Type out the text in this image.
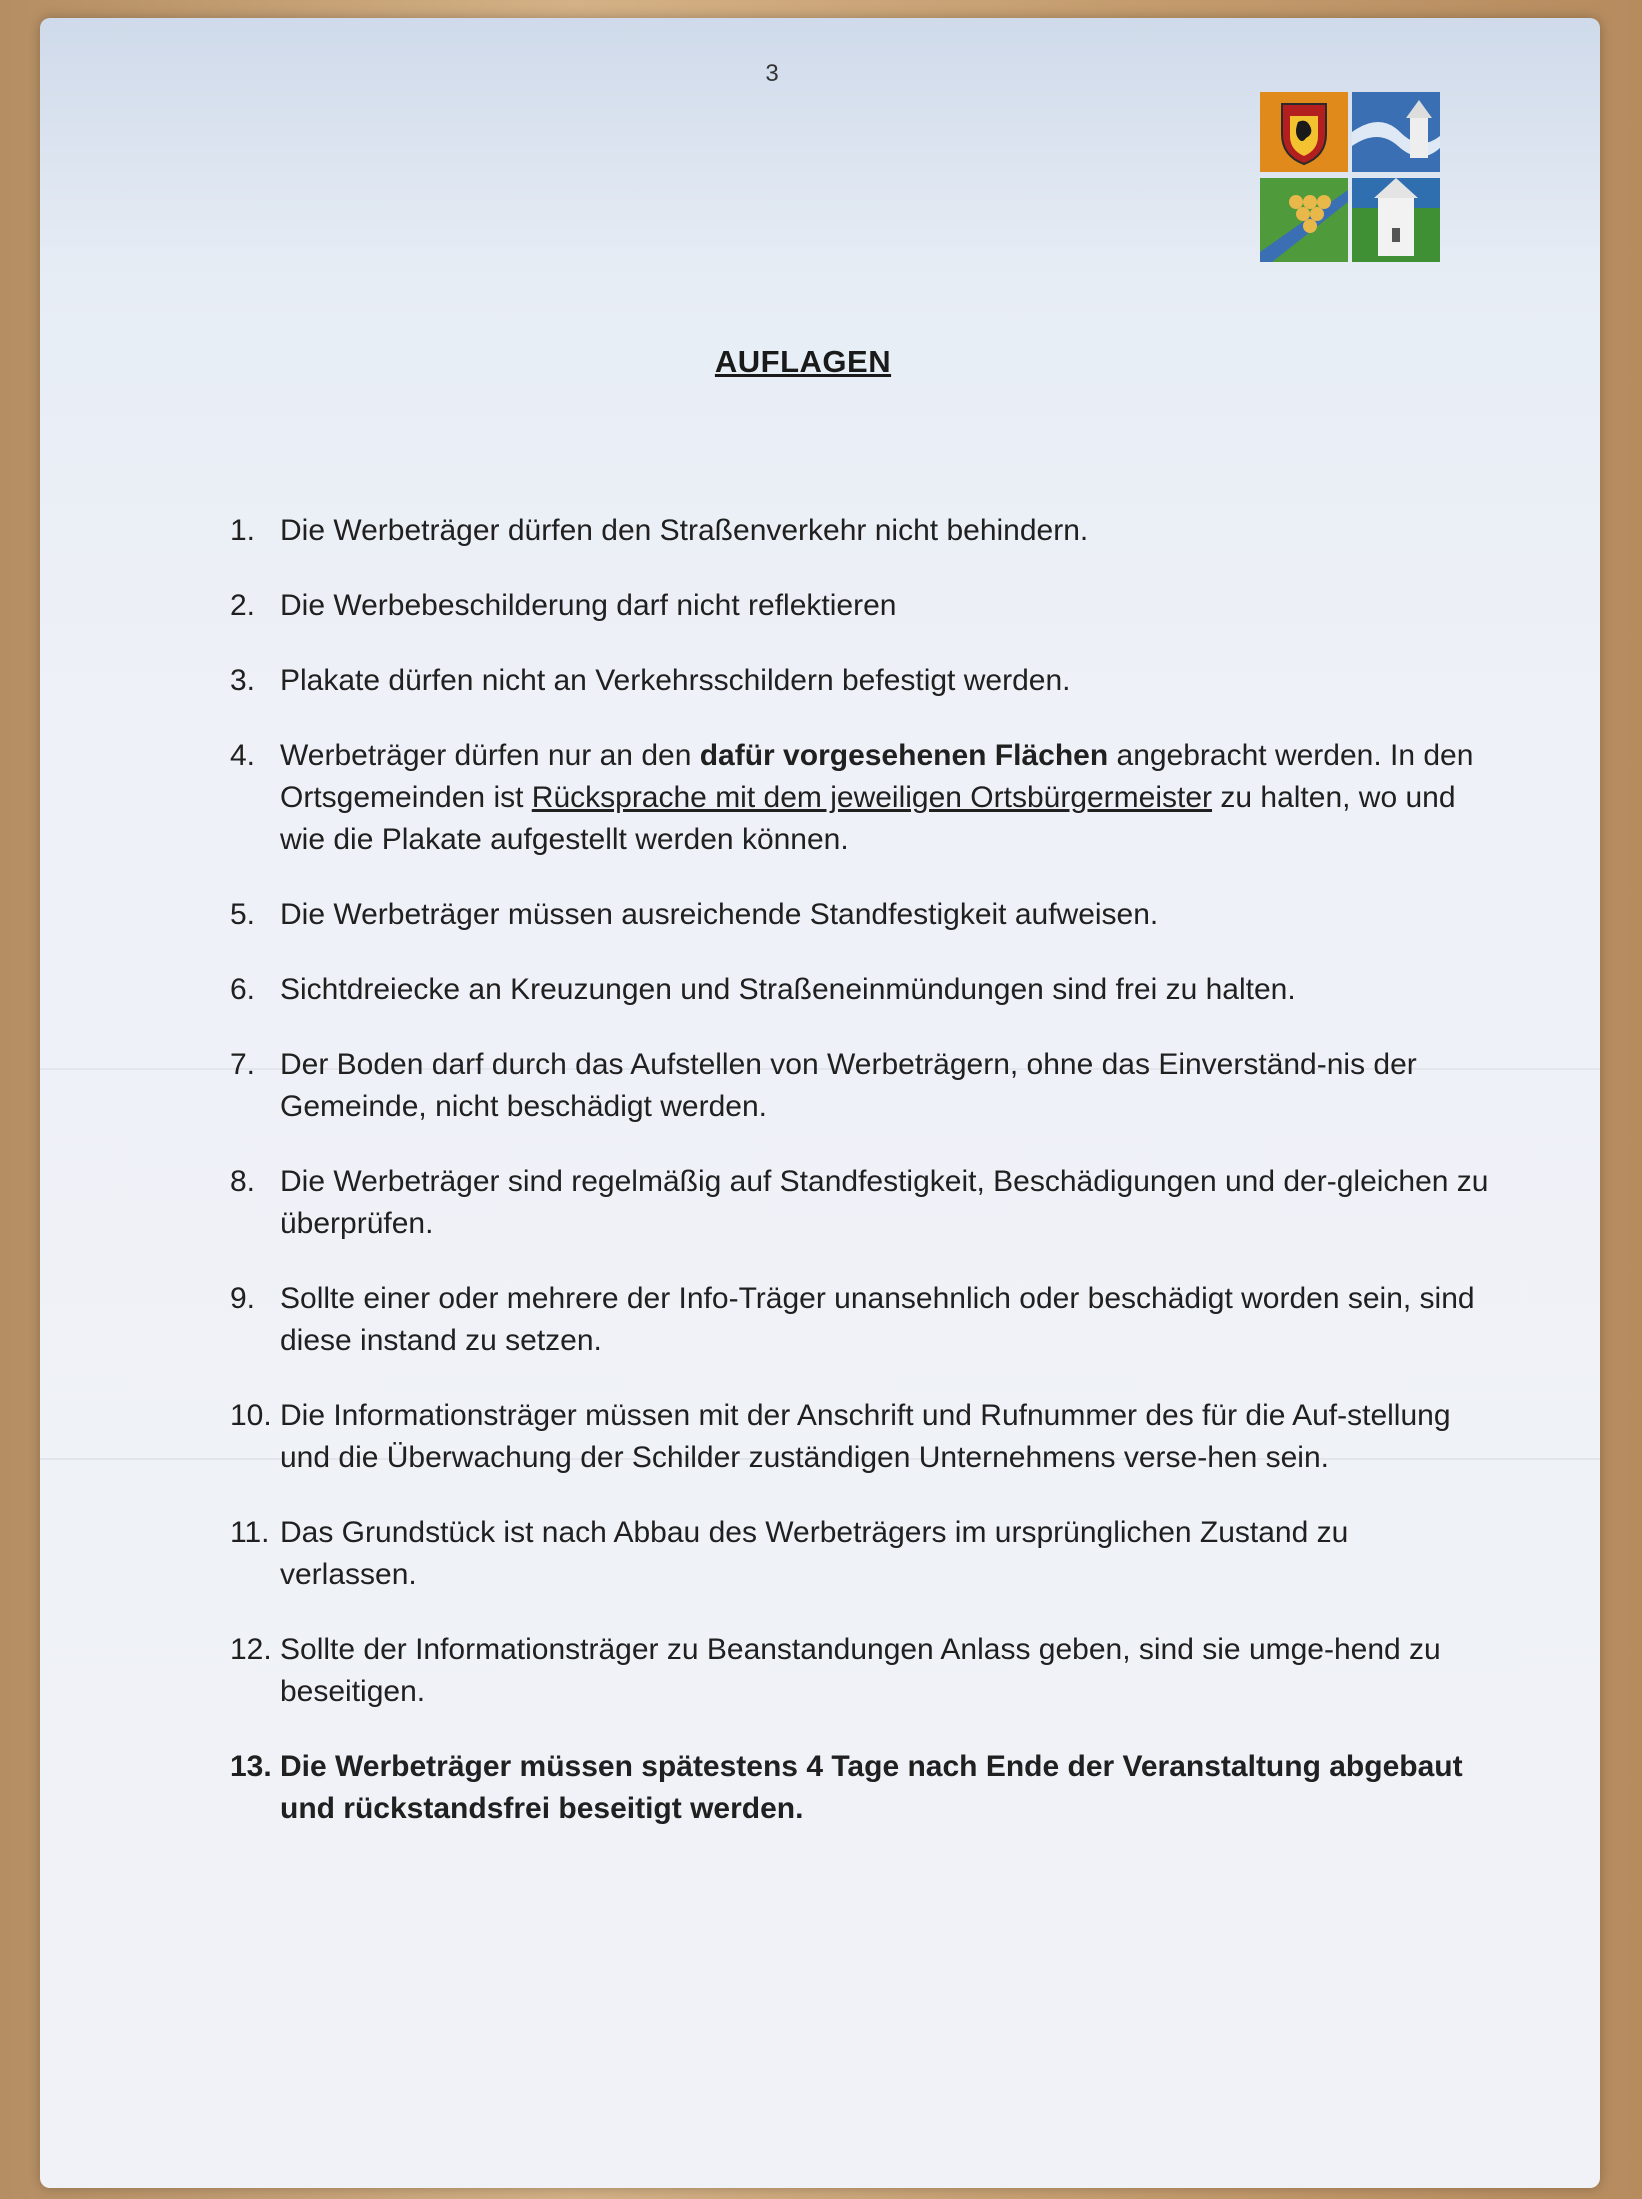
3
AUFLAGEN
1. Die Werbeträger dürfen den Straßenverkehr nicht behindern.
2. Die Werbebeschilderung darf nicht reflektieren
3. Plakate dürfen nicht an Verkehrsschildern befestigt werden.
4. Werbeträger dürfen nur an den dafür vorgesehenen Flächen angebracht werden. In den Ortsgemeinden ist Rücksprache mit dem jeweiligen Ortsbürgermeister zu halten, wo und wie die Plakate aufgestellt werden können.
5. Die Werbeträger müssen ausreichende Standfestigkeit aufweisen.
6. Sichtdreiecke an Kreuzungen und Straßeneinmündungen sind frei zu halten.
7. Der Boden darf durch das Aufstellen von Werbeträgern, ohne das Einverständ-nis der Gemeinde, nicht beschädigt werden.
8. Die Werbeträger sind regelmäßig auf Standfestigkeit, Beschädigungen und der-gleichen zu überprüfen.
9. Sollte einer oder mehrere der Info-Träger unansehnlich oder beschädigt worden sein, sind diese instand zu setzen.
10. Die Informationsträger müssen mit der Anschrift und Rufnummer des für die Auf-stellung und die Überwachung der Schilder zuständigen Unternehmens verse-hen sein.
11. Das Grundstück ist nach Abbau des Werbeträgers im ursprünglichen Zustand zu verlassen.
12. Sollte der Informationsträger zu Beanstandungen Anlass geben, sind sie umge-hend zu beseitigen.
13. Die Werbeträger müssen spätestens 4 Tage nach Ende der Veranstaltung abgebaut und rückstandsfrei beseitigt werden.
